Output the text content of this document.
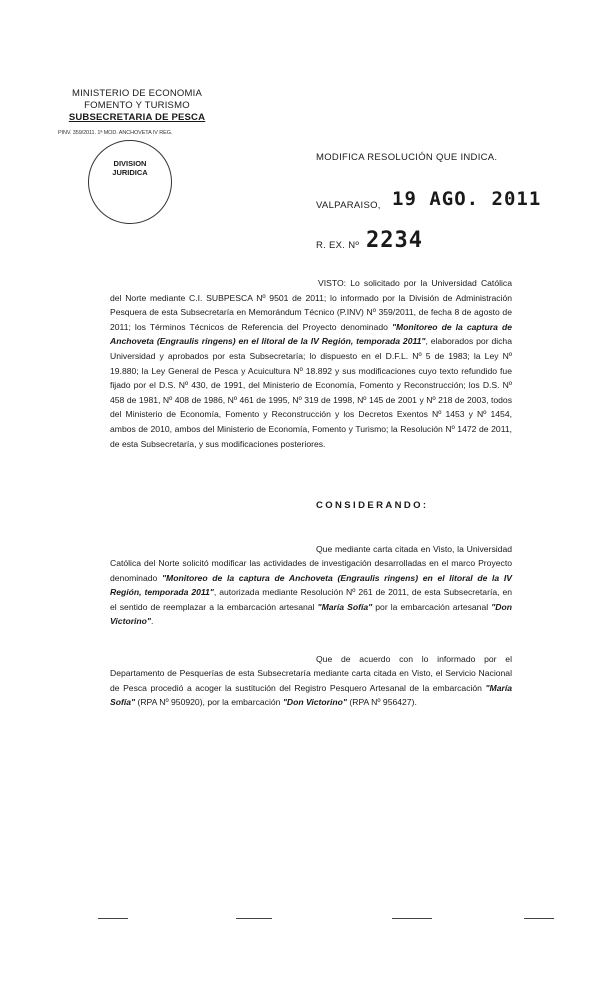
MINISTERIO DE ECONOMIA
FOMENTO Y TURISMO
SUBSECRETARIA DE PESCA
PINV. 359/2011. 1ª MOD. ANCHOVETA IV REG.
DIVISION
JURIDICA
MODIFICA RESOLUCIÓN QUE INDICA.
VALPARAISO, 19 AGO. 2011
R. EX. Nº 2234
VISTO: Lo solicitado por la Universidad Católica del Norte mediante C.I. SUBPESCA Nº 9501 de 2011; lo informado por la División de Administración Pesquera de esta Subsecretaría en Memorándum Técnico (P.INV) Nº 359/2011, de fecha 8 de agosto de 2011; los Términos Técnicos de Referencia del Proyecto denominado "Monitoreo de la captura de Anchoveta (Engraulis ringens) en el litoral de la IV Región, temporada 2011", elaborados por dicha Universidad y aprobados por esta Subsecretaría; lo dispuesto en el D.F.L. Nº 5 de 1983; la Ley Nº 19.880; la Ley General de Pesca y Acuicultura Nº 18.892 y sus modificaciones cuyo texto refundido fue fijado por el D.S. Nº 430, de 1991, del Ministerio de Economía, Fomento y Reconstrucción; los D.S. Nº 458 de 1981, Nº 408 de 1986, Nº 461 de 1995, Nº 319 de 1998, Nº 145 de 2001 y Nº 218 de 2003, todos del Ministerio de Economía, Fomento y Reconstrucción y los Decretos Exentos Nº 1453 y Nº 1454, ambos de 2010, ambos del Ministerio de Economía, Fomento y Turismo; la Resolución Nº 1472 de 2011, de esta Subsecretaría, y sus modificaciones posteriores.
CONSIDERANDO:
Que mediante carta citada en Visto, la Universidad
Católica del Norte solicitó modificar las actividades de investigación desarrolladas en el marco Proyecto denominado "Monitoreo de la captura de Anchoveta (Engraulis ringens) en el litoral de la IV Región, temporada 2011", autorizada mediante Resolución Nº 261 de 2011, de esta Subsecretaría, en el sentido de reemplazar a la embarcación artesanal "María Sofía" por la embarcación artesanal "Don Victorino".
Que de acuerdo con lo informado por el
Departamento de Pesquerías de esta Subsecretaría mediante carta citada en Visto, el Servicio Nacional de Pesca procedió a acoger la sustitución del Registro Pesquero Artesanal de la embarcación "María Sofía" (RPA Nº 950920), por la embarcación "Don Victorino" (RPA Nº 956427).
